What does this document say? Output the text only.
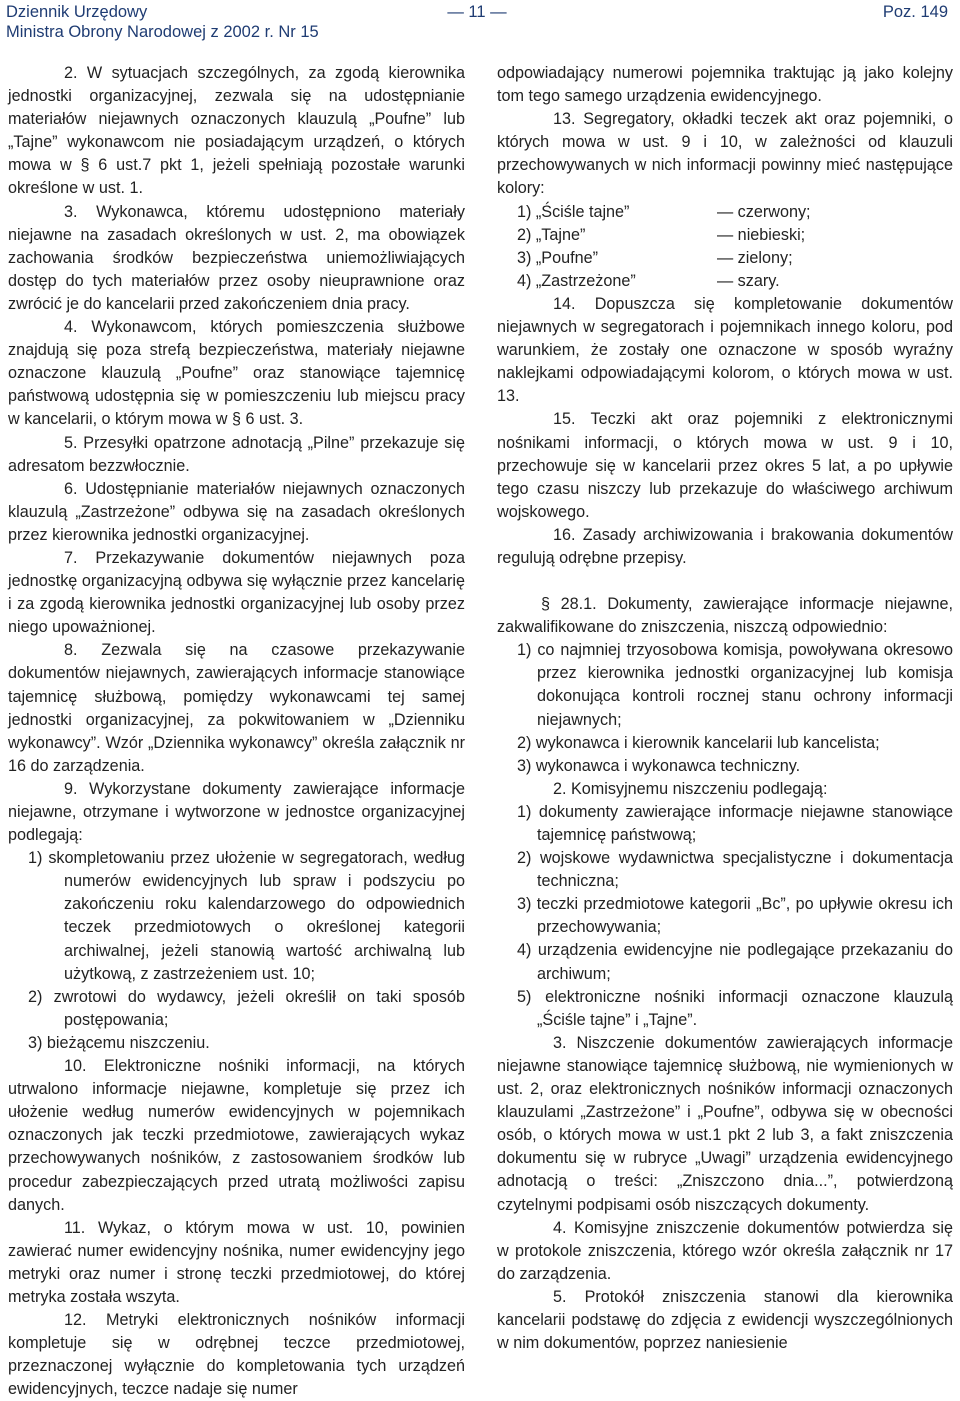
Dziennik Urzędowy
Ministra Obrony Narodowej z 2002 r. Nr 15
— 11 —	Poz. 149

2. W sytuacjach szczególnych, za zgodą kierownika jednostki organizacyjnej, zezwala się na udostępnianie materiałów niejawnych oznaczonych klauzulą „Poufne” lub „Tajne” wykonawcom nie posiadającym urządzeń, o których mowa w § 6 ust.7 pkt 1, jeżeli spełniają pozostałe warunki określone w ust. 1.

3. Wykonawca, któremu udostępniono materiały niejawne na zasadach określonych w ust. 2, ma obowiązek zachowania środków bezpieczeństwa uniemożliwiających dostęp do tych materiałów przez osoby nieuprawnione oraz zwrócić je do kancelarii przed zakończeniem dnia pracy.

4. Wykonawcom, których pomieszczenia służbowe znajdują się poza strefą bezpieczeństwa, materiały niejawne oznaczone klauzulą „Poufne” oraz stanowiące tajemnicę państwową udostępnia się w pomieszczeniu lub miejscu pracy w kancelarii, o którym mowa w § 6 ust. 3.

5. Przesyłki opatrzone adnotacją „Pilne” przekazuje się adresatom bezzwłocznie.

6. Udostępnianie materiałów niejawnych oznaczonych klauzulą „Zastrzeżone” odbywa się na zasadach określonych przez kierownika jednostki organizacyjnej.

7. Przekazywanie dokumentów niejawnych poza jednostkę organizacyjną odbywa się wyłącznie przez kancelarię i za zgodą kierownika jednostki organizacyjnej lub osoby przez niego upoważnionej.

8. Zezwala się na czasowe przekazywanie dokumentów niejawnych, zawierających informacje stanowiące tajemnicę służbową, pomiędzy wykonawcami tej samej jednostki organizacyjnej, za pokwitowaniem w „Dzienniku wykonawcy”. Wzór „Dziennika wykonawcy” określa załącznik nr 16 do zarządzenia.

9. Wykorzystane dokumenty zawierające informacje niejawne, otrzymane i wytworzone w jednostce organizacyjnej podlegają:

1) skompletowaniu przez ułożenie w segregatorach, według numerów ewidencyjnych lub spraw i podszyciu po zakończeniu roku kalendarzowego do odpowiednich teczek przedmiotowych o określonej kategorii archiwalnej, jeżeli stanowią wartość archiwalną lub użytkową, z zastrzeżeniem ust. 10;

2) zwrotowi do wydawcy, jeżeli określił on taki sposób postępowania;

3) bieżącemu niszczeniu.

10. Elektroniczne nośniki informacji, na których utrwalono informacje niejawne, kompletuje się przez ich ułożenie według numerów ewidencyjnych w pojemnikach oznaczonych jak teczki przedmiotowe, zawierających wykaz przechowywanych nośników, z zastosowaniem środków lub procedur zabezpieczających przed utratą możliwości zapisu danych.

11. Wykaz, o którym mowa w ust. 10, powinien zawierać numer ewidencyjny nośnika, numer ewidencyjny jego metryki oraz numer i stronę teczki przedmiotowej, do której metryka została wszyta.

12. Metryki elektronicznych nośników informacji kompletuje się w odrębnej teczce przedmiotowej, przeznaczonej wyłącznie do kompletowania tych urządzeń ewidencyjnych, teczce nadaje się numer

odpowiadający numerowi pojemnika traktując ją jako kolejny tom tego samego urządzenia ewidencyjnego.

13. Segregatory, okładki teczek akt oraz pojemniki, o których mowa w ust. 9 i 10, w zależności od klauzuli przechowywanych w nich informacji powinny mieć następujące kolory:

1) „Ściśle tajne”	— czerwony;
2) „Tajne”	— niebieski;
3) „Poufne”	— zielony;
4) „Zastrzeżone”	— szary.

14. Dopuszcza się kompletowanie dokumentów niejawnych w segregatorach i pojemnikach innego koloru, pod warunkiem, że zostały one oznaczone w sposób wyraźny naklejkami odpowiadającymi kolorom, o których mowa w ust. 13.

15. Teczki akt oraz pojemniki z elektronicznymi nośnikami informacji, o których mowa w ust. 9 i 10, przechowuje się w kancelarii przez okres 5 lat, a po upływie tego czasu niszczy lub przekazuje do właściwego archiwum wojskowego.

16. Zasady archiwizowania i brakowania dokumentów regulują odrębne przepisy.

§ 28.1. Dokumenty, zawierające informacje niejawne, zakwalifikowane do zniszczenia, niszczą odpowiednio:

1) co najmniej trzyosobowa komisja, powoływana okresowo przez kierownika jednostki organizacyjnej lub komisja dokonująca kontroli rocznej stanu ochrony informacji niejawnych;

2) wykonawca i kierownik kancelarii lub kancelista;

3) wykonawca i wykonawca techniczny.

2. Komisyjnemu niszczeniu podlegają:

1) dokumenty zawierające informacje niejawne stanowiące tajemnicę państwową;

2) wojskowe wydawnictwa specjalistyczne i dokumentacja techniczna;

3) teczki przedmiotowe kategorii „Bc”, po upływie okresu ich przechowywania;

4) urządzenia ewidencyjne nie podlegające przekazaniu do archiwum;

5) elektroniczne nośniki informacji oznaczone klauzulą „Ściśle tajne” i „Tajne”.

3. Niszczenie dokumentów zawierających informacje niejawne stanowiące tajemnicę służbową, nie wymienionych w ust. 2, oraz elektronicznych nośników informacji oznaczonych klauzulami „Zastrzeżone” i „Poufne”, odbywa się w obecności osób, o których mowa w ust.1 pkt 2 lub 3, a fakt zniszczenia dokumentu się w rubryce „Uwagi” urządzenia ewidencyjnego adnotacją o treści: „Zniszczono dnia...”, potwierdzoną czytelnymi podpisami osób niszczących dokumenty.

4. Komisyjne zniszczenie dokumentów potwierdza się w protokole zniszczenia, którego wzór określa załącznik nr 17 do zarządzenia.

5. Protokół zniszczenia stanowi dla kierownika kancelarii podstawę do zdjęcia z ewidencji wyszczególnionych w nim dokumentów, poprzez naniesienie
